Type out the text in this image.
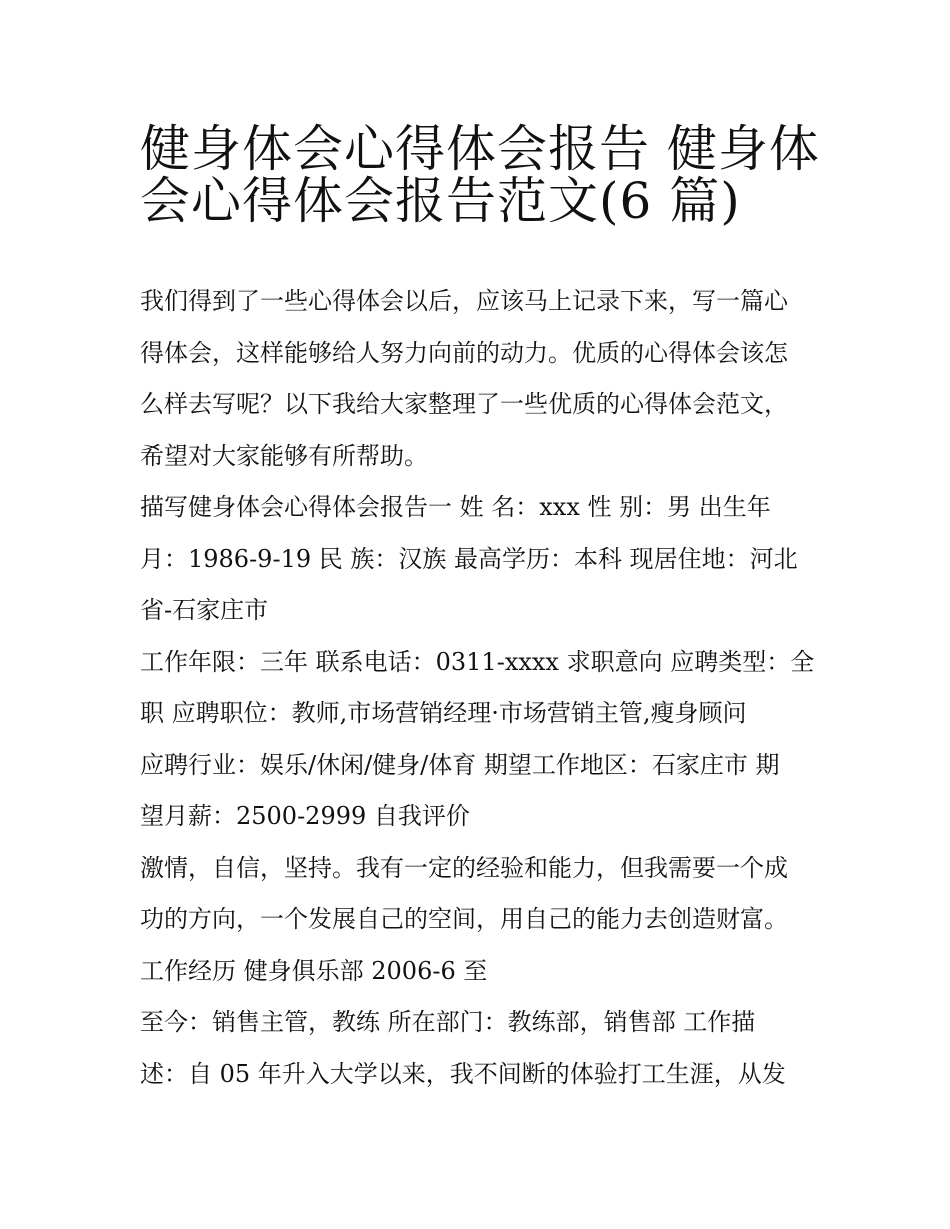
健身体会心得体会报告 健身体
会心得体会报告范文(6 篇)
我们得到了一些心得体会以后，应该马上记录下来，写一篇心
得体会，这样能够给人努力向前的动力。优质的心得体会该怎
么样去写呢？以下我给大家整理了一些优质的心得体会范文，
希望对大家能够有所帮助。
描写健身体会心得体会报告一 姓 名：xxx 性 别：男 出生年
月：1986-9-19 民 族：汉族 最高学历：本科 现居住地：河北
省-石家庄市
工作年限：三年 联系电话：0311-xxxx 求职意向 应聘类型：全
职 应聘职位：教师,市场营销经理·市场营销主管,瘦身顾问
应聘行业：娱乐/休闲/健身/体育 期望工作地区：石家庄市 期
望月薪：2500-2999 自我评价
激情，自信，坚持。我有一定的经验和能力，但我需要一个成
功的方向，一个发展自己的空间，用自己的能力去创造财富。
工作经历 健身俱乐部 2006-6 至
至今：销售主管，教练 所在部门：教练部，销售部 工作描
述：自 05 年升入大学以来，我不间断的体验打工生涯，从发
